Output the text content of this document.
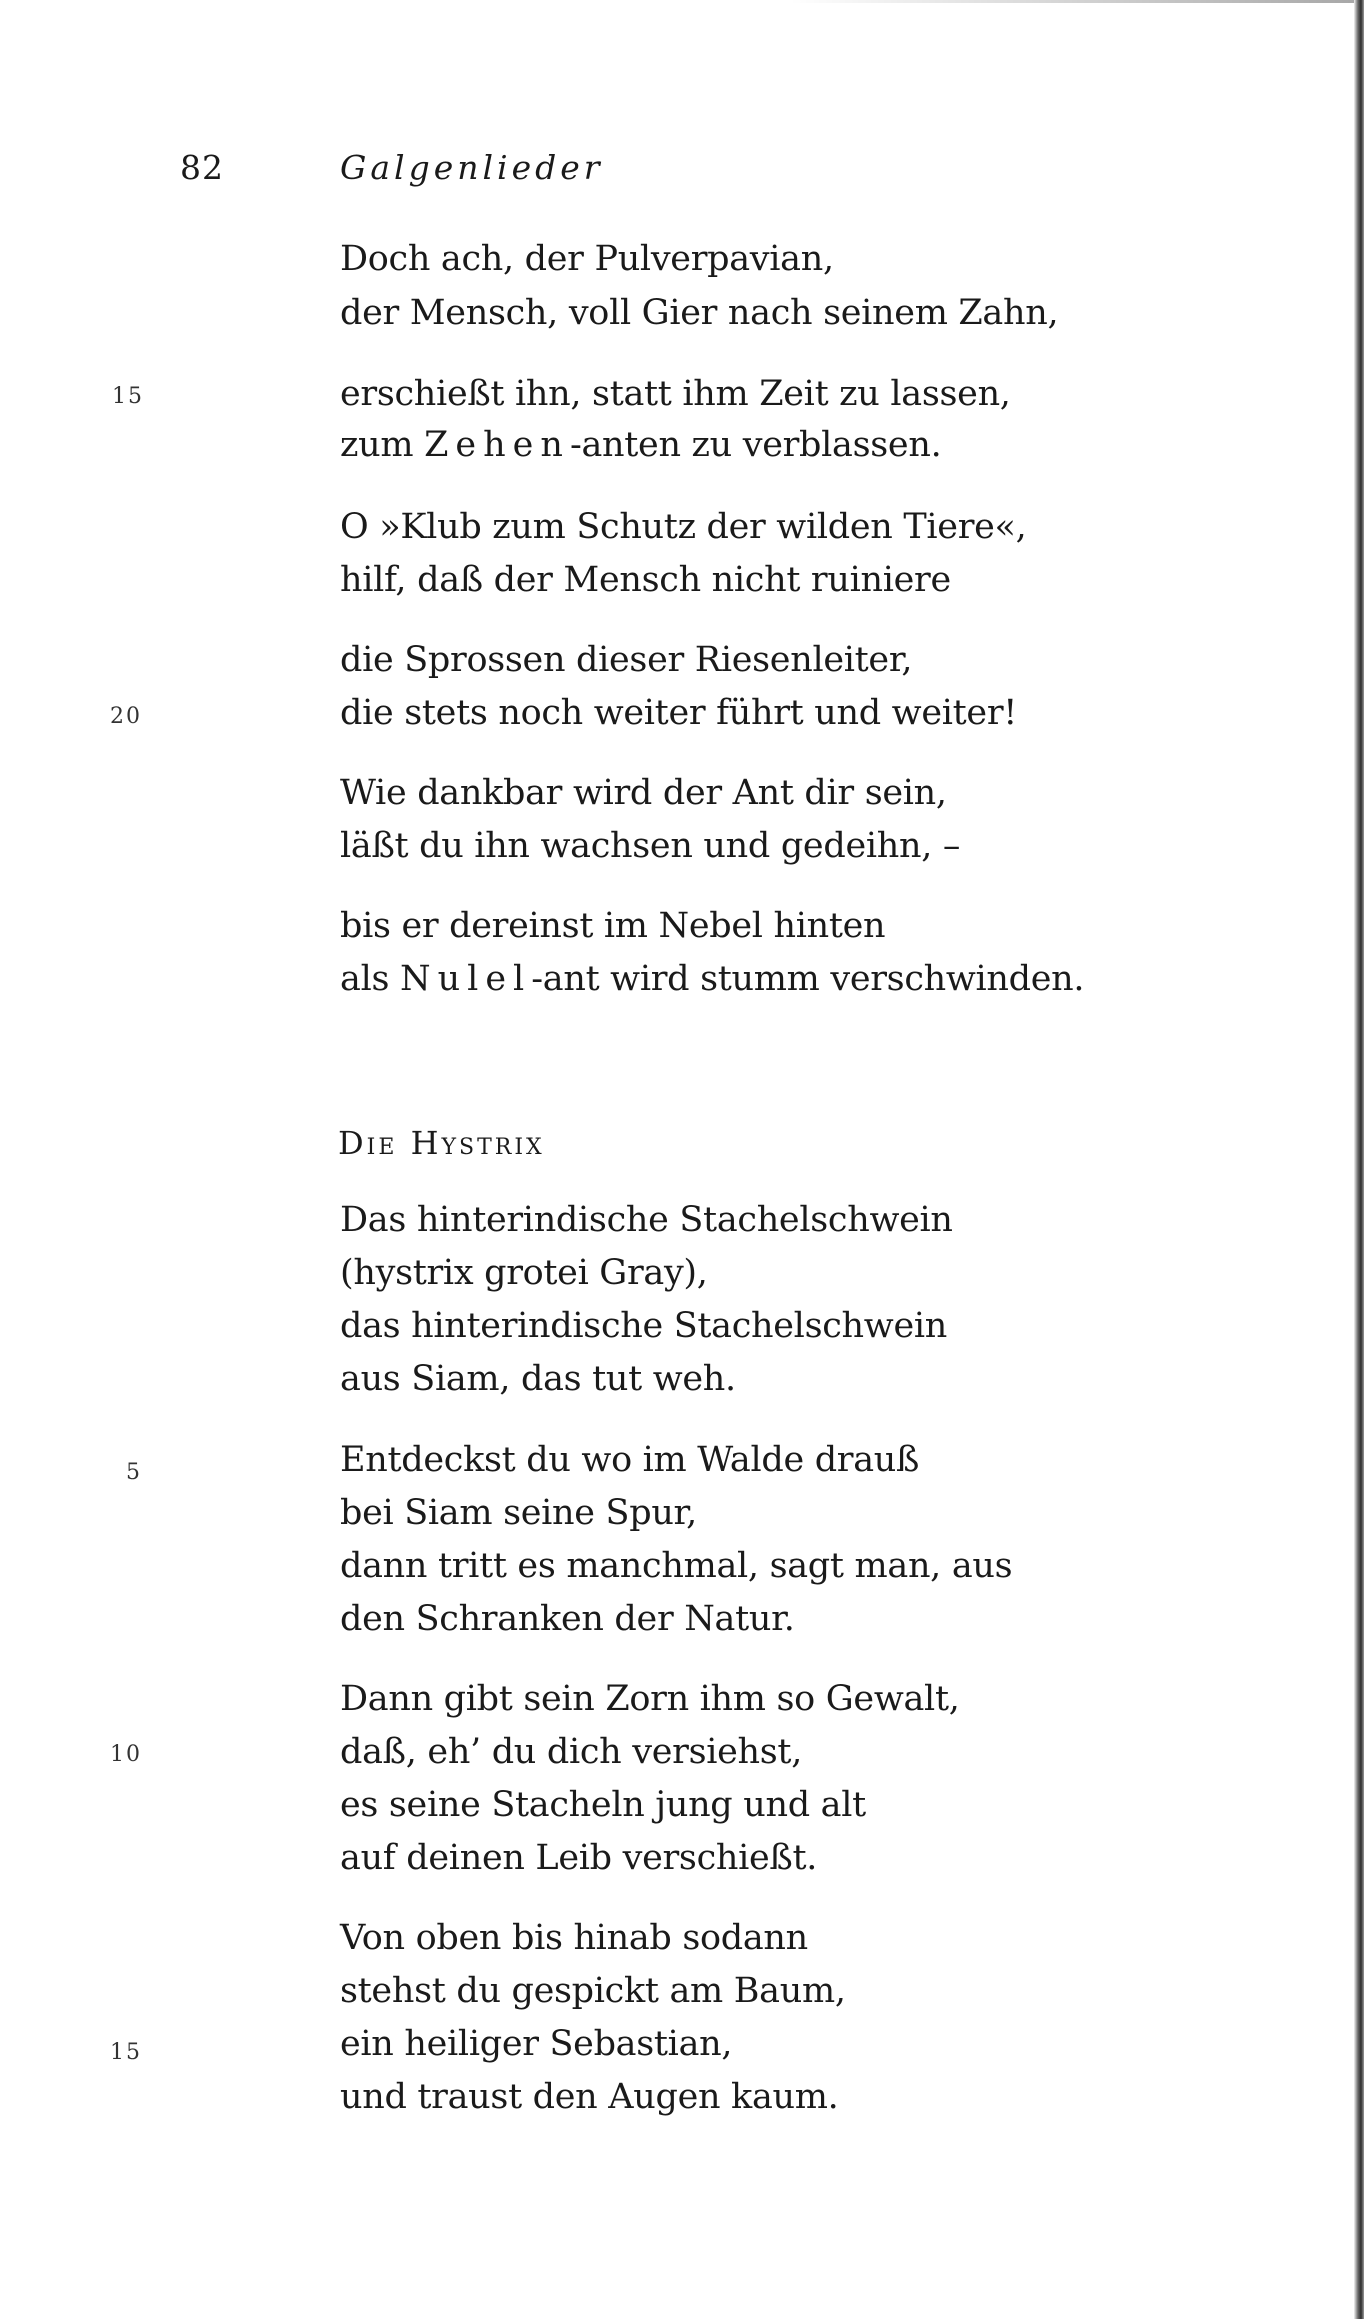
82	Galgenlieder
Doch ach, der Pulverpavian,
der Mensch, voll Gier nach seinem Zahn,
15	erschießt ihn, statt ihm Zeit zu lassen,
zum Zehen-anten zu verblassen.
O »Klub zum Schutz der wilden Tiere«,
hilf, daß der Mensch nicht ruiniere
die Sprossen dieser Riesenleiter,
20	die stets noch weiter führt und weiter!
Wie dankbar wird der Ant dir sein,
läßt du ihn wachsen und gedeihn, –
bis er dereinst im Nebel hinten
als Nulel-ant wird stumm verschwinden.
Die Hystrix
Das hinterindische Stachelschwein
(hystrix grotei Gray),
das hinterindische Stachelschwein
aus Siam, das tut weh.
5	Entdeckst du wo im Walde drauß
bei Siam seine Spur,
dann tritt es manchmal, sagt man, aus
den Schranken der Natur.
Dann gibt sein Zorn ihm so Gewalt,
10	daß, eh’ du dich versiehst,
es seine Stacheln jung und alt
auf deinen Leib verschießt.
Von oben bis hinab sodann
stehst du gespickt am Baum,
15	ein heiliger Sebastian,
und traust den Augen kaum.
